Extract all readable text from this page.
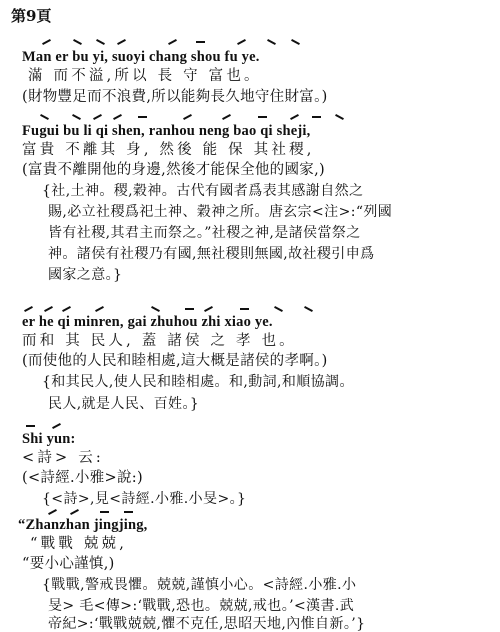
第9頁
Man er bu yi, suoyi chang shou fu ye.
滿 而不溢,所以 長 守 富也。
(財物豐足而不浪費,所以能夠長久地守住財富。)
Fugui bu li qi shen, ranhou neng bao qi sheji,
富貴 不離其 身, 然後 能 保 其社稷,
(富貴不離開他的身邊,然後才能保全他的國家,)
{社,土神。稷,穀神。古代有國者爲表其感謝自然之
賜,必立社稷爲祀土神、穀神之所。唐玄宗<注>:“列國
皆有社稷,其君主而祭之。”社稷之神,是諸侯當祭之
神。諸侯有社稷乃有國,無社稷則無國,故社稷引申爲
國家之意。}
er he qi minren, gai zhuhou zhi xiao ye.
而和 其 民人, 蓋 諸侯 之 孝 也。
(而使他的人民和睦相處,這大概是諸侯的孝啊。)
{和其民人,使人民和睦相處。和,動詞,和順協調。
民人,就是人民、百姓。}
Shi yun:
<詩> 云:
(<詩經.小雅>說:)
{<詩>,見<詩經.小雅.小旻>。}
“Zhanzhan jingjing,
“戰戰 兢兢,
“要小心謹慎,)
{戰戰,警戒畏懼。兢兢,謹慎小心。<詩經.小雅.小
旻> 毛<傳>:‘戰戰,恐也。兢兢,戒也。’<漢書.武
帝紀>:‘戰戰兢兢,懼不克任,思昭天地,內惟自新。’}
